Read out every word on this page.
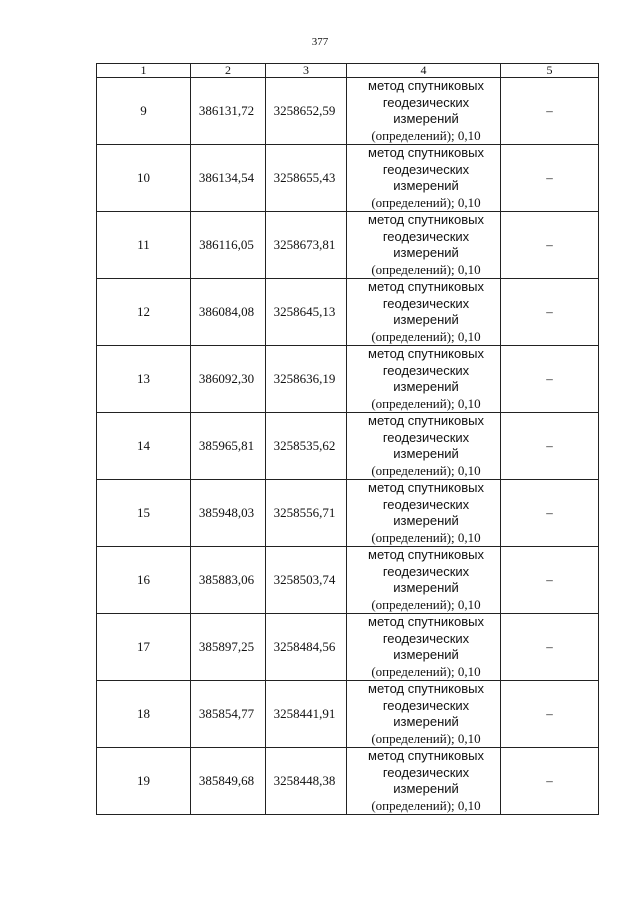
377
1	2	3	4	5
9	386131,72	3258652,59	метод спутниковых
геодезических
измерений
(определений); 0,10	–
10	386134,54	3258655,43	метод спутниковых
геодезических
измерений
(определений); 0,10	–
11	386116,05	3258673,81	метод спутниковых
геодезических
измерений
(определений); 0,10	–
12	386084,08	3258645,13	метод спутниковых
геодезических
измерений
(определений); 0,10	–
13	386092,30	3258636,19	метод спутниковых
геодезических
измерений
(определений); 0,10	–
14	385965,81	3258535,62	метод спутниковых
геодезических
измерений
(определений); 0,10	–
15	385948,03	3258556,71	метод спутниковых
геодезических
измерений
(определений); 0,10	–
16	385883,06	3258503,74	метод спутниковых
геодезических
измерений
(определений); 0,10	–
17	385897,25	3258484,56	метод спутниковых
геодезических
измерений
(определений); 0,10	–
18	385854,77	3258441,91	метод спутниковых
геодезических
измерений
(определений); 0,10	–
19	385849,68	3258448,38	метод спутниковых
геодезических
измерений
(определений); 0,10	–
